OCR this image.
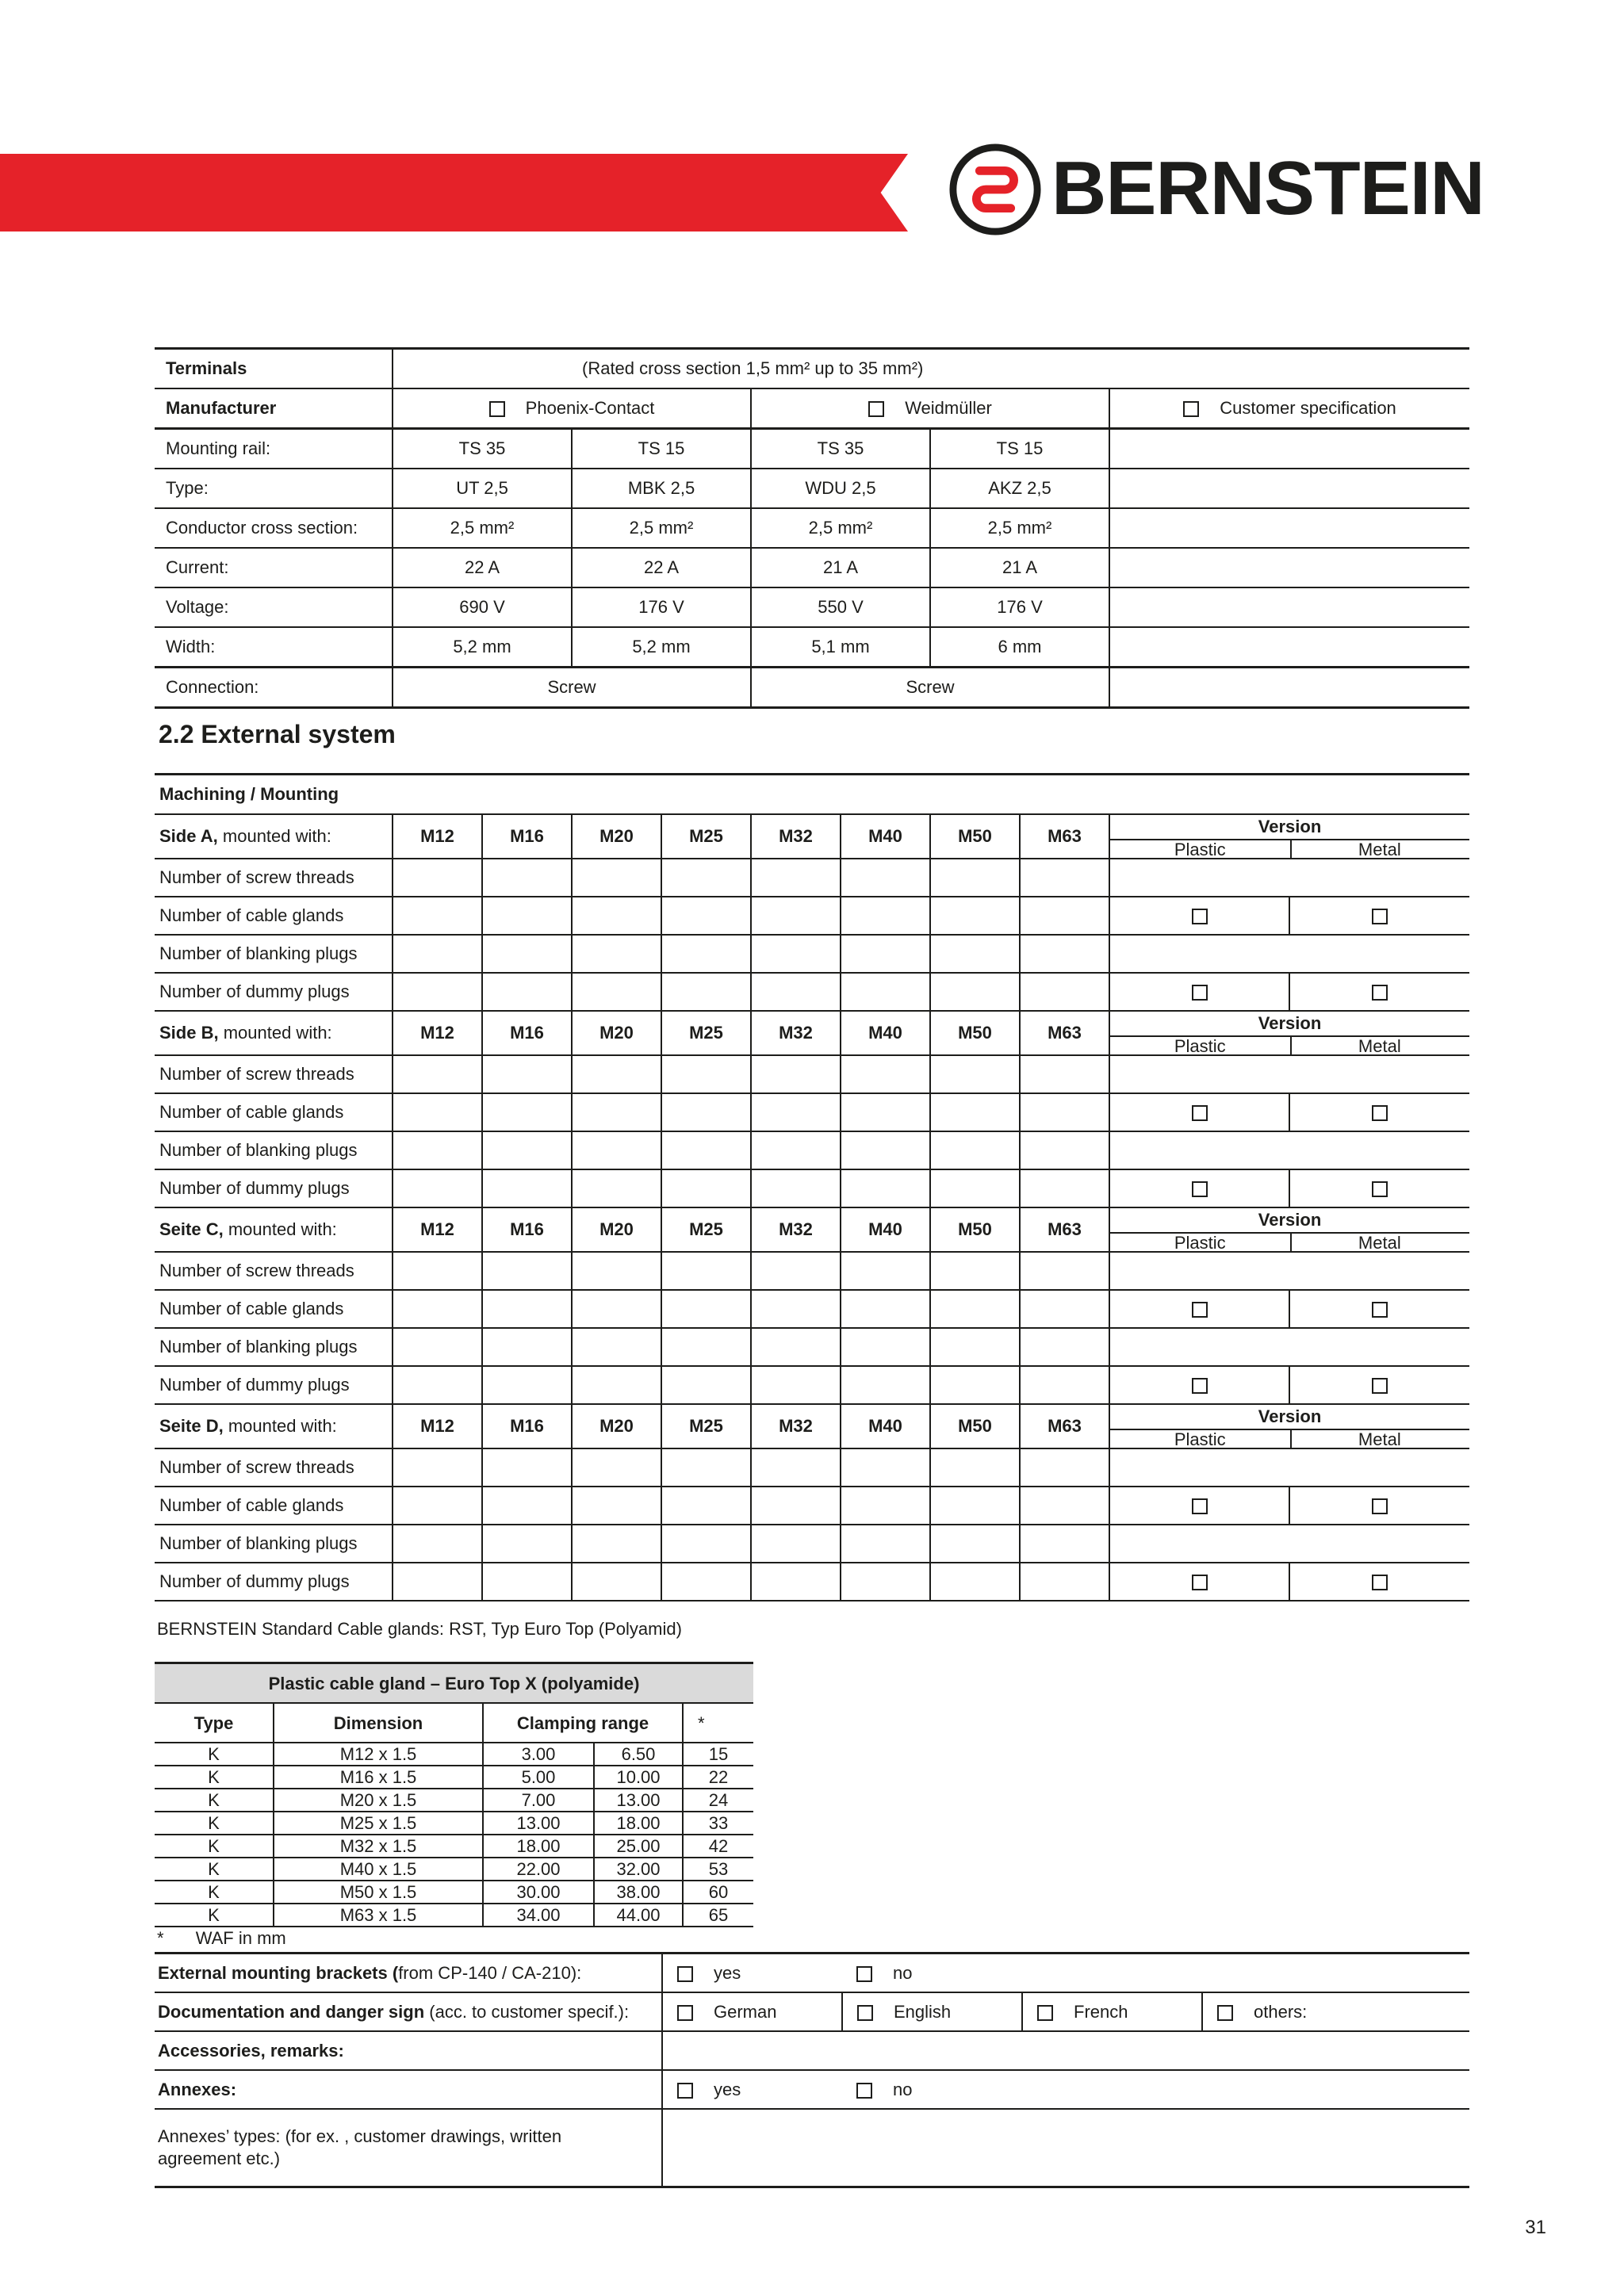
BERNSTEIN
Terminals	(Rated cross section 1,5 mm² up to 35 mm²)				
Manufacturer	Phoenix-Contact		Weidmüller		Customer specification
Mounting rail:	TS 35	TS 15	TS 35	TS 15	
Type:	UT 2,5	MBK 2,5	WDU 2,5	AKZ 2,5	
Conductor cross section:	2,5 mm²	2,5 mm²	2,5 mm²	2,5 mm²	
Current:	22 A	22 A	21 A	21 A	
Voltage:	690 V	176 V	550 V	176 V	
Width:	5,2 mm	5,2 mm	5,1 mm	6 mm	
Connection:	Screw		Screw		
2.2 External system
Machining / Mounting										
Side A, mounted with:	M12	M16	M20	M25	M32	M40	M50	M63	Version
Plastic Metal	

Number of screw threads										
Number of cable glands										
Number of blanking plugs										
Number of dummy plugs										
Side B, mounted with:	M12	M16	M20	M25	M32	M40	M50	M63	Version
Plastic Metal	

Number of screw threads										
Number of cable glands										
Number of blanking plugs										
Number of dummy plugs										
Seite C, mounted with:	M12	M16	M20	M25	M32	M40	M50	M63	Version
Plastic Metal	

Number of screw threads										
Number of cable glands										
Number of blanking plugs										
Number of dummy plugs										
Seite D, mounted with:	M12	M16	M20	M25	M32	M40	M50	M63	Version
Plastic Metal	

Number of screw threads										
Number of cable glands										
Number of blanking plugs										
Number of dummy plugs										
BERNSTEIN Standard Cable glands: RST, Typ Euro Top (Polyamid)
Plastic cable gland – Euro Top X (polyamide)				
Type	Dimension	Clamping range		*
K	M12 x 1.5	3.00	6.50	15
K	M16 x 1.5	5.00	10.00	22
K	M20 x 1.5	7.00	13.00	24
K	M25 x 1.5	13.00	18.00	33
K	M32 x 1.5	18.00	25.00	42
K	M40 x 1.5	22.00	32.00	53
K	M50 x 1.5	30.00	38.00	60
K	M63 x 1.5	34.00	44.00	65
* WAF in mm
External mounting brackets (from CP-140 / CA-210):	yes	no		
Documentation and danger sign (acc. to customer specif.):	German	English	French	others:
Accessories, remarks:				
Annexes:	yes	no		
Annexes’ types: (for ex. , customer drawings, written agreement etc.)				
31
